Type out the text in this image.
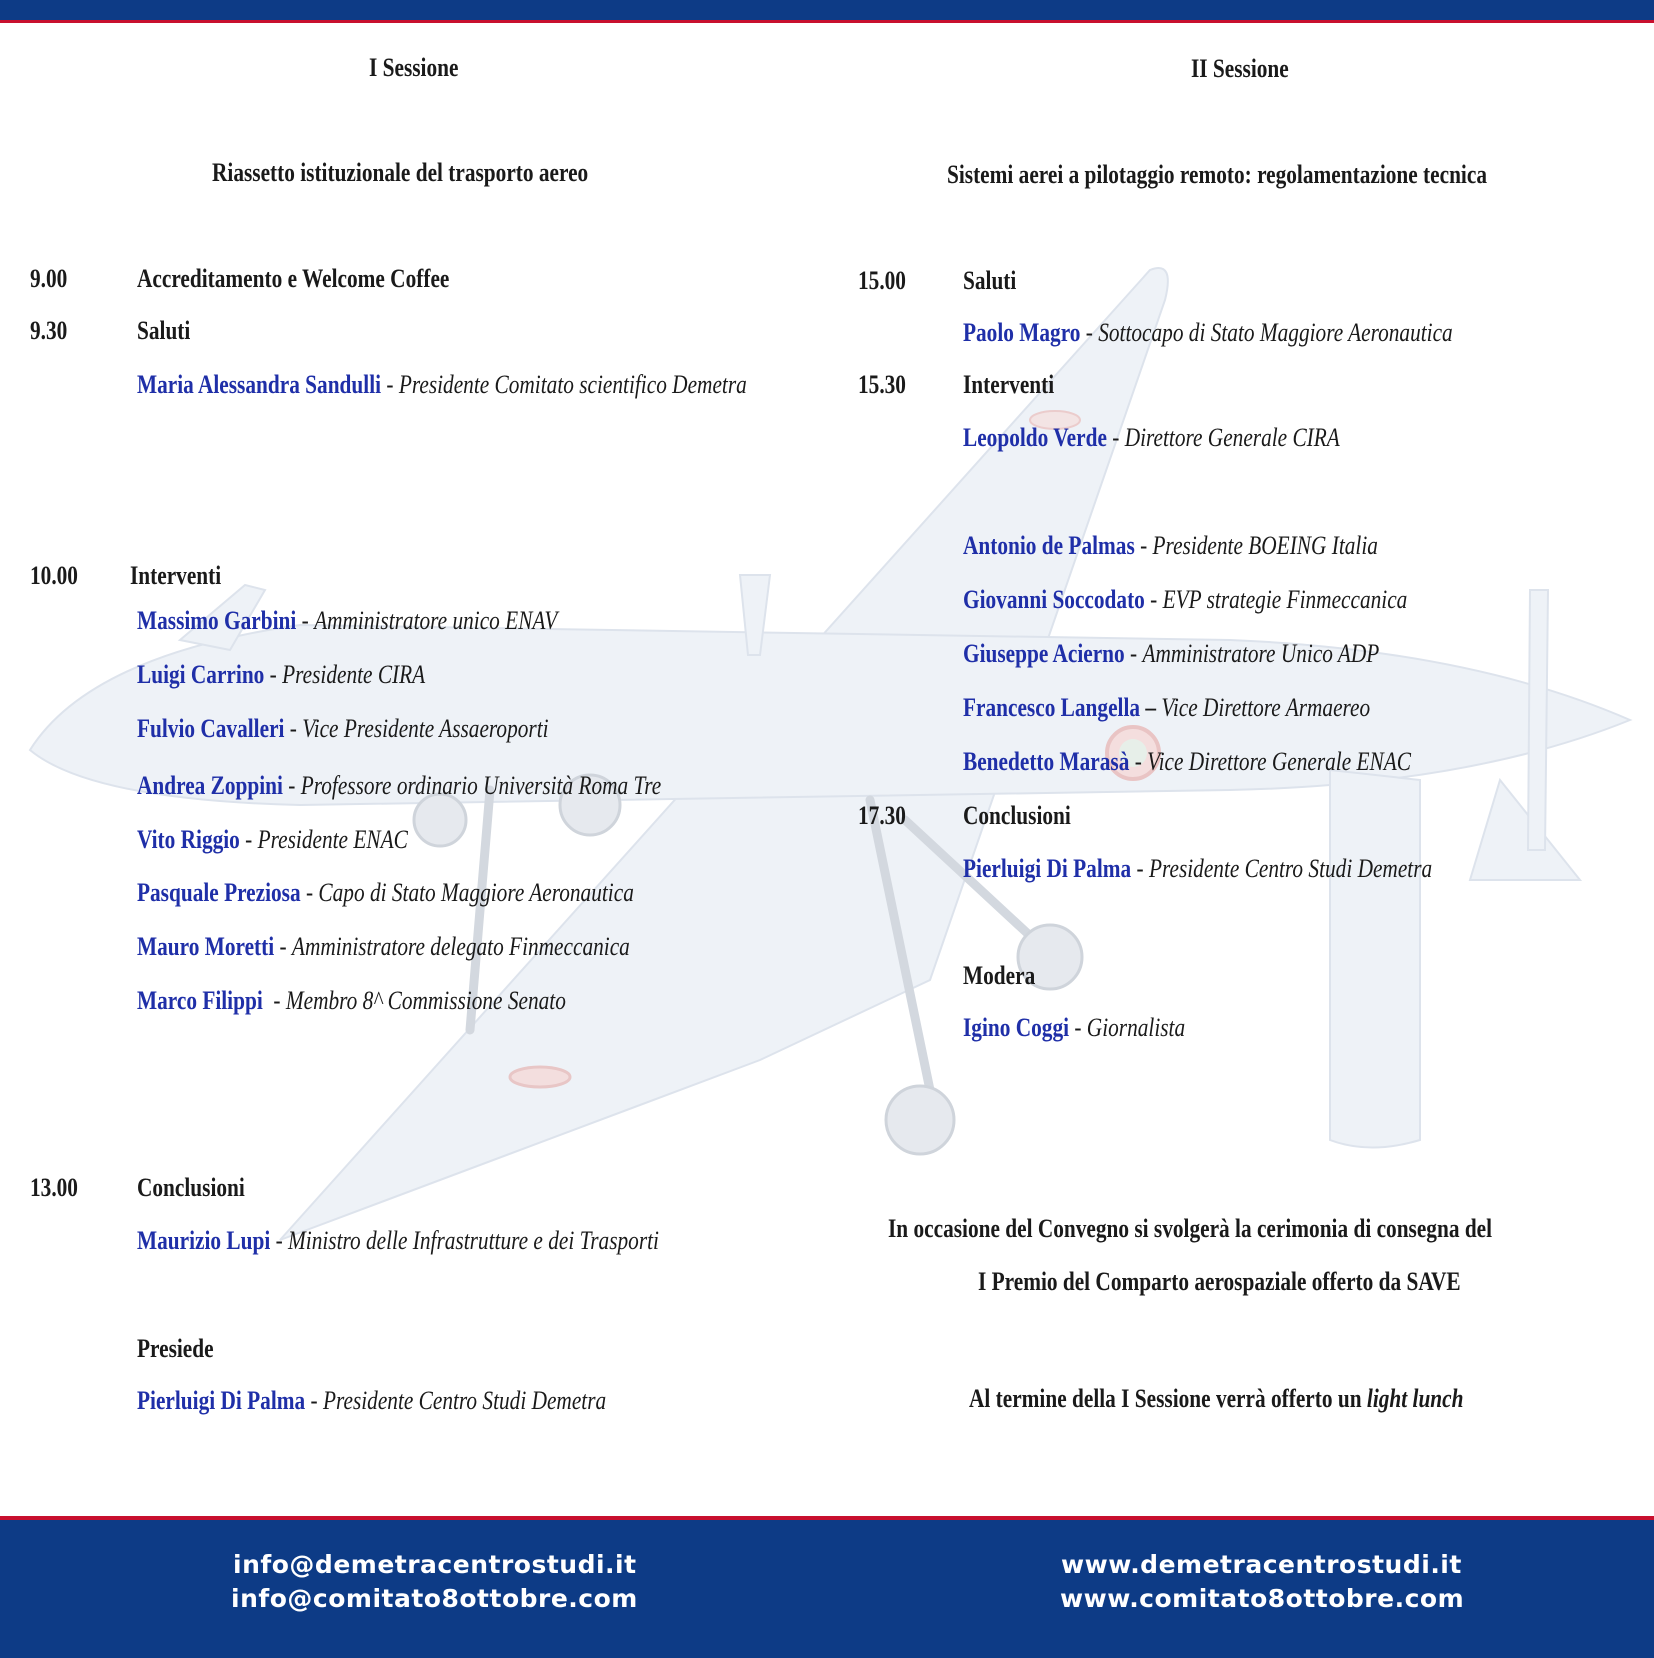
I Sessione
Riassetto istituzionale del trasporto aereo
9.00	Accreditamento e Welcome Coffee
9.30	Saluti
Maria Alessandra Sandulli - Presidente Comitato scientifico Demetra
10.00	Interventi
Massimo Garbini - Amministratore unico ENAV
Luigi Carrino - Presidente CIRA
Fulvio Cavalleri - Vice Presidente Assaeroporti
Andrea Zoppini - Professore ordinario Università Roma Tre
Vito Riggio - Presidente ENAC
Pasquale Preziosa - Capo di Stato Maggiore Aeronautica
Mauro Moretti - Amministratore delegato Finmeccanica
Marco Filippi  - Membro 8^ Commissione Senato
13.00	Conclusioni
Maurizio Lupi - Ministro delle Infrastrutture e dei Trasporti
Presiede
Pierluigi Di Palma - Presidente Centro Studi Demetra
II Sessione
Sistemi aerei a pilotaggio remoto: regolamentazione tecnica
15.00	Saluti
Paolo Magro - Sottocapo di Stato Maggiore Aeronautica
15.30	Interventi
Leopoldo Verde - Direttore Generale CIRA
Antonio de Palmas - Presidente BOEING Italia
Giovanni Soccodato - EVP strategie Finmeccanica
Giuseppe Acierno - Amministratore Unico ADP
Francesco Langella – Vice Direttore Armaereo
Benedetto Marasà - Vice Direttore Generale ENAC
17.30	Conclusioni
Pierluigi Di Palma - Presidente Centro Studi Demetra
Modera
Igino Coggi - Giornalista
In occasione del Convegno si svolgerà la cerimonia di consegna del
I Premio del Comparto aerospaziale offerto da SAVE
Al termine della I Sessione verrà offerto un light lunch
info@demetracentrostudi.it
info@comitato8ottobre.com
www.demetracentrostudi.it
www.comitato8ottobre.com
